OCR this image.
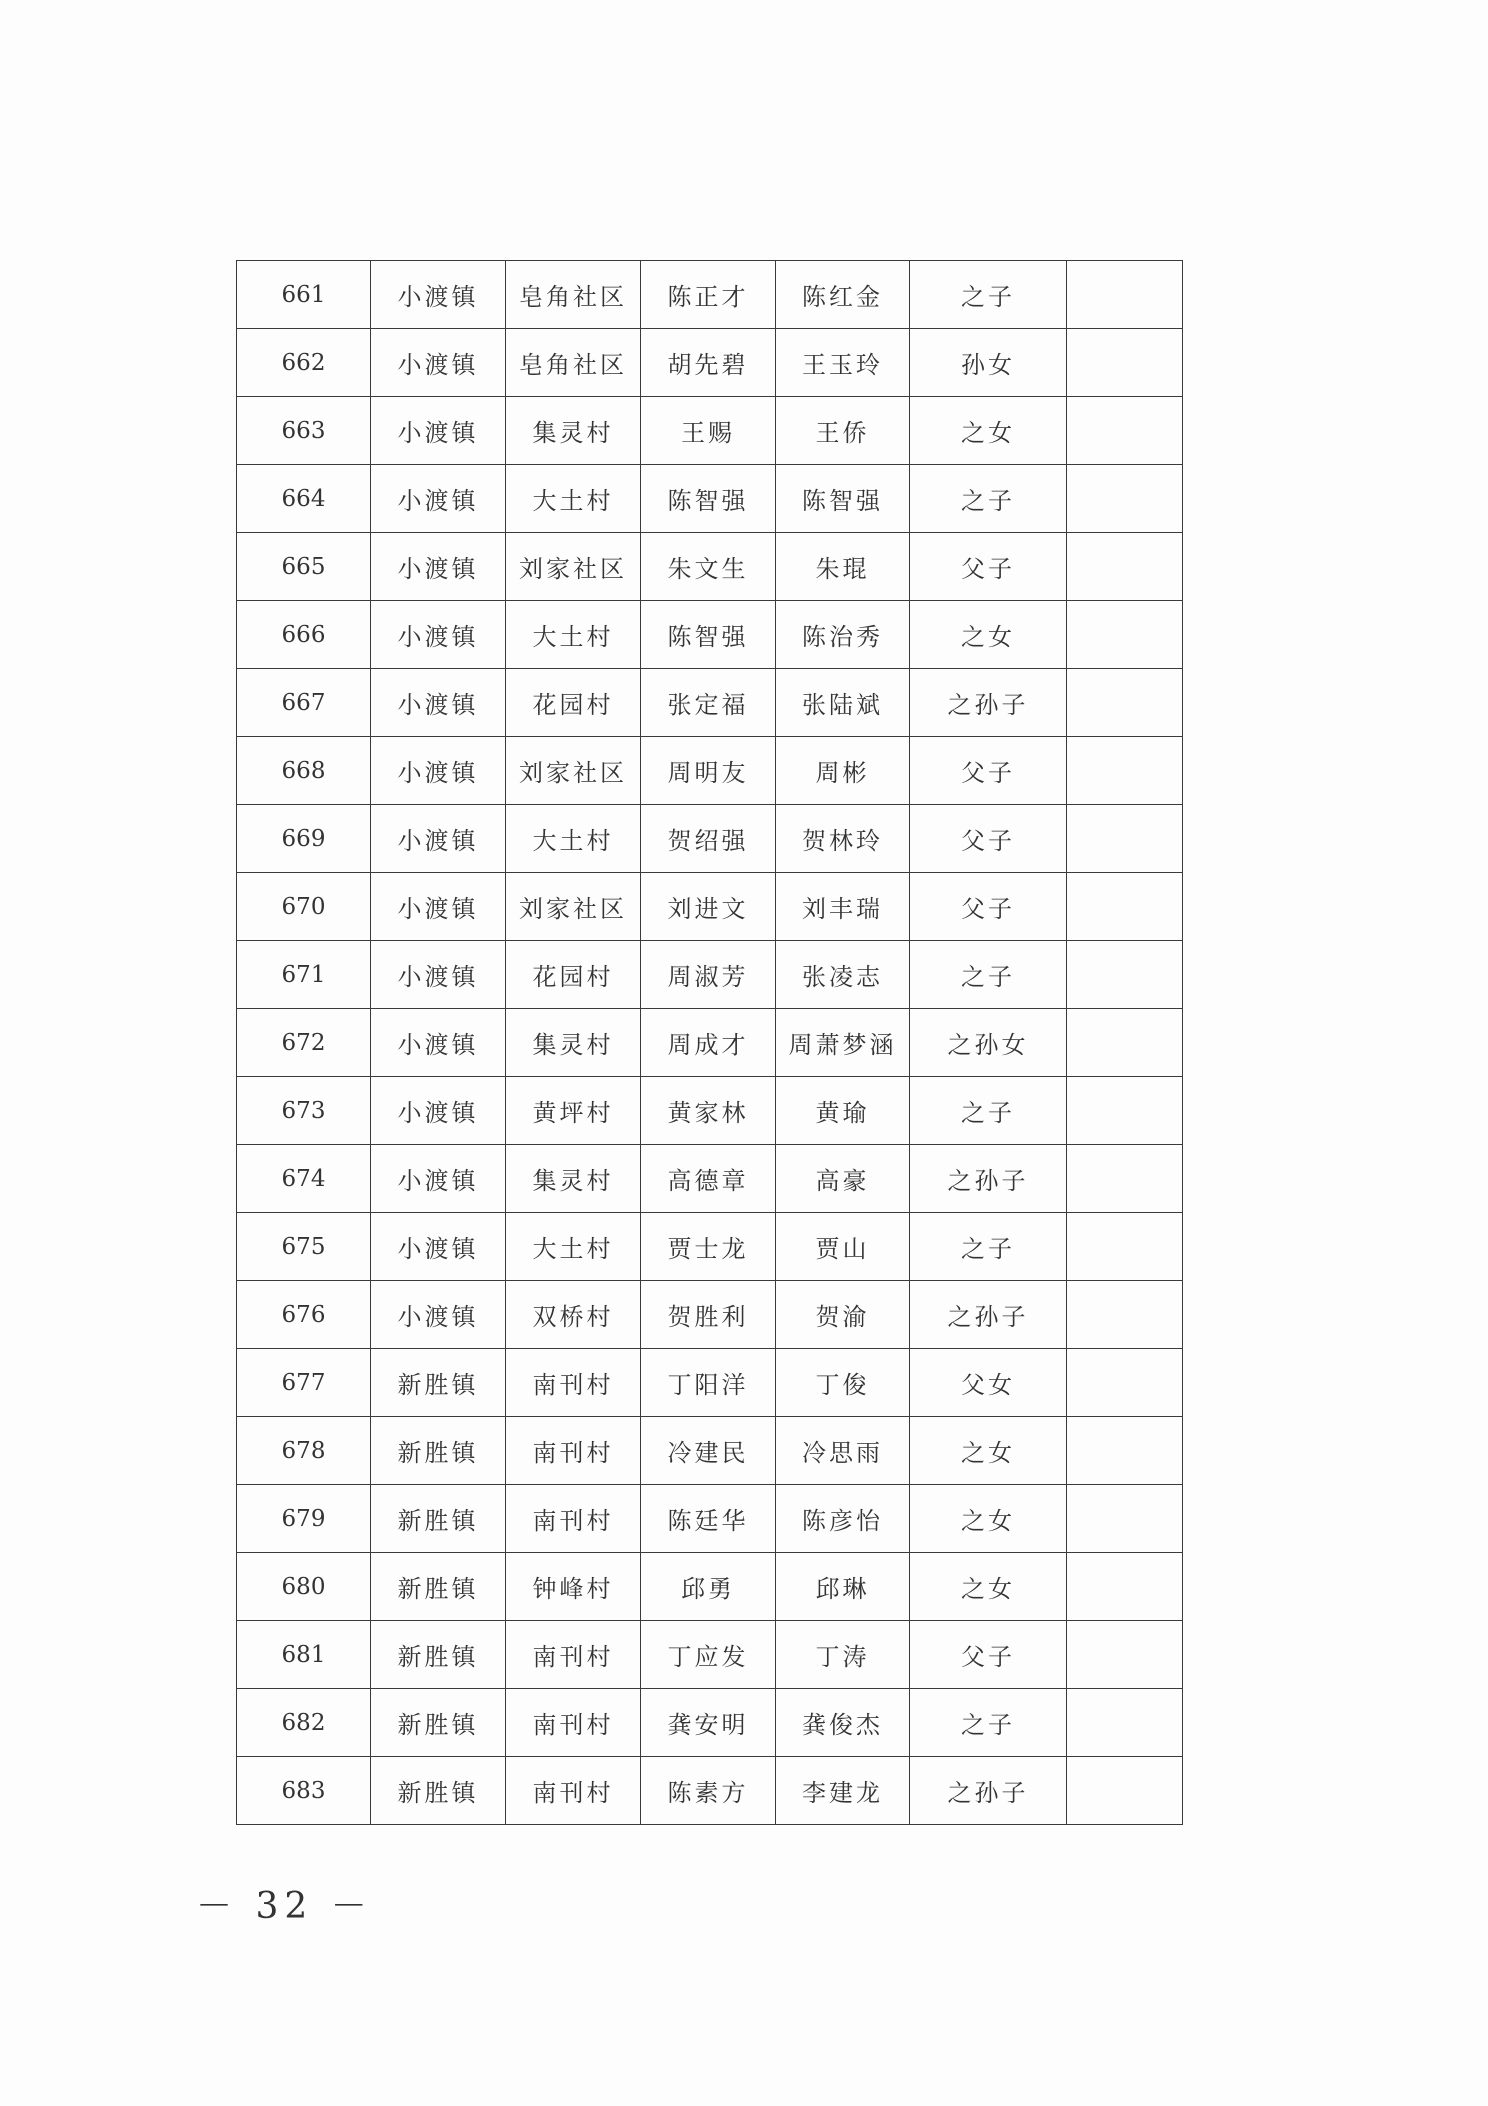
661	小渡镇	皂角社区	陈正才	陈红金	之子	
662	小渡镇	皂角社区	胡先碧	王玉玲	孙女	
663	小渡镇	集灵村	王赐	王侨	之女	
664	小渡镇	大土村	陈智强	陈智强	之子	
665	小渡镇	刘家社区	朱文生	朱琨	父子	
666	小渡镇	大土村	陈智强	陈治秀	之女	
667	小渡镇	花园村	张定福	张陆斌	之孙子	
668	小渡镇	刘家社区	周明友	周彬	父子	
669	小渡镇	大土村	贺绍强	贺林玲	父子	
670	小渡镇	刘家社区	刘进文	刘丰瑞	父子	
671	小渡镇	花园村	周淑芳	张凌志	之子	
672	小渡镇	集灵村	周成才	周萧梦涵	之孙女	
673	小渡镇	黄坪村	黄家林	黄瑜	之子	
674	小渡镇	集灵村	高德章	高豪	之孙子	
675	小渡镇	大土村	贾士龙	贾山	之子	
676	小渡镇	双桥村	贺胜利	贺渝	之孙子	
677	新胜镇	南刊村	丁阳洋	丁俊	父女	
678	新胜镇	南刊村	冷建民	冷思雨	之女	
679	新胜镇	南刊村	陈廷华	陈彦怡	之女	
680	新胜镇	钟峰村	邱勇	邱琳	之女	
681	新胜镇	南刊村	丁应发	丁涛	父子	
682	新胜镇	南刊村	龚安明	龚俊杰	之子	
683	新胜镇	南刊村	陈素方	李建龙	之孙子	
－ 32 －
